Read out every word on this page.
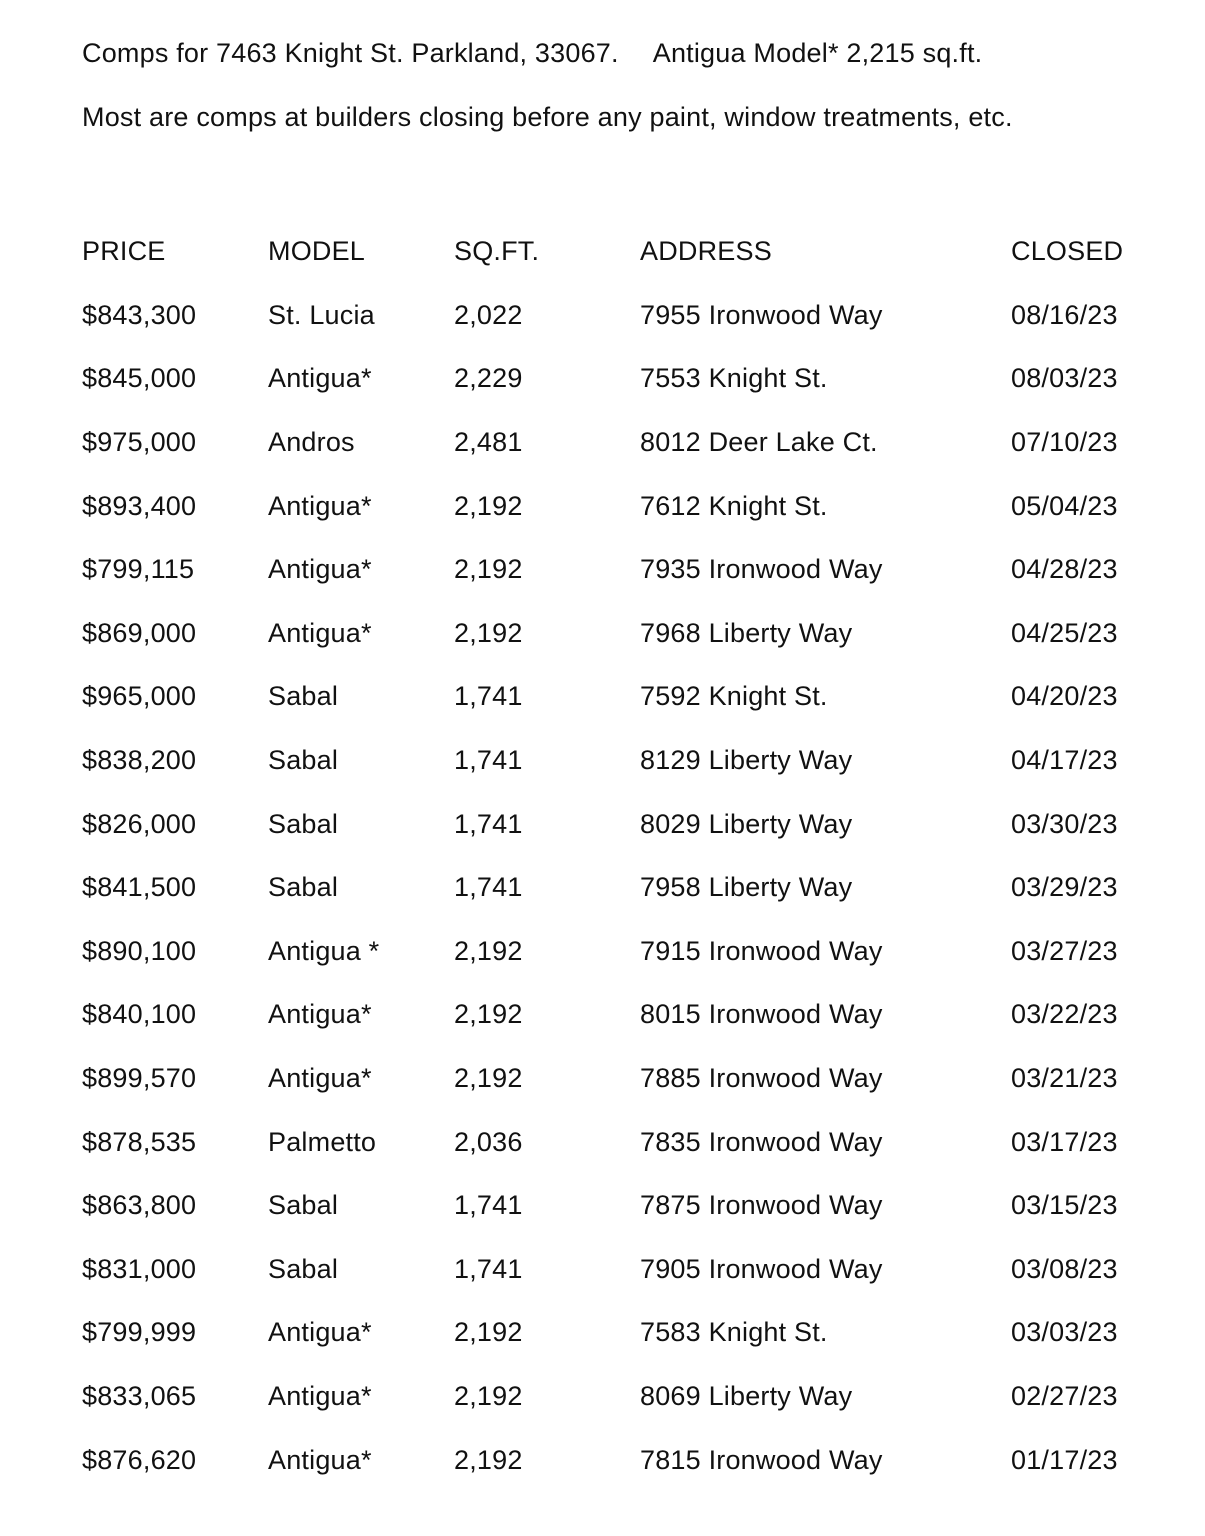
Comps for 7463 Knight St. Parkland, 33067. Antigua Model* 2,215 sq.ft.
Most are comps at builders closing before any paint, window treatments, etc.
PRICE	MODEL	SQ.FT.	ADDRESS	CLOSED
$843,300	St. Lucia	2,022	7955 Ironwood Way	08/16/23
$845,000	Antigua*	2,229	7553 Knight St.	08/03/23
$975,000	Andros	2,481	8012 Deer Lake Ct.	07/10/23
$893,400	Antigua*	2,192	7612 Knight St.	05/04/23
$799,115	Antigua*	2,192	7935 Ironwood Way	04/28/23
$869,000	Antigua*	2,192	7968 Liberty Way	04/25/23
$965,000	Sabal	1,741	7592 Knight St.	04/20/23
$838,200	Sabal	1,741	8129 Liberty Way	04/17/23
$826,000	Sabal	1,741	8029 Liberty Way	03/30/23
$841,500	Sabal	1,741	7958 Liberty Way	03/29/23
$890,100	Antigua *	2,192	7915 Ironwood Way	03/27/23
$840,100	Antigua*	2,192	8015 Ironwood Way	03/22/23
$899,570	Antigua*	2,192	7885 Ironwood Way	03/21/23
$878,535	Palmetto	2,036	7835 Ironwood Way	03/17/23
$863,800	Sabal	1,741	7875 Ironwood Way	03/15/23
$831,000	Sabal	1,741	7905 Ironwood Way	03/08/23
$799,999	Antigua*	2,192	7583 Knight St.	03/03/23
$833,065	Antigua*	2,192	8069 Liberty Way	02/27/23
$876,620	Antigua*	2,192	7815 Ironwood Way	01/17/23
